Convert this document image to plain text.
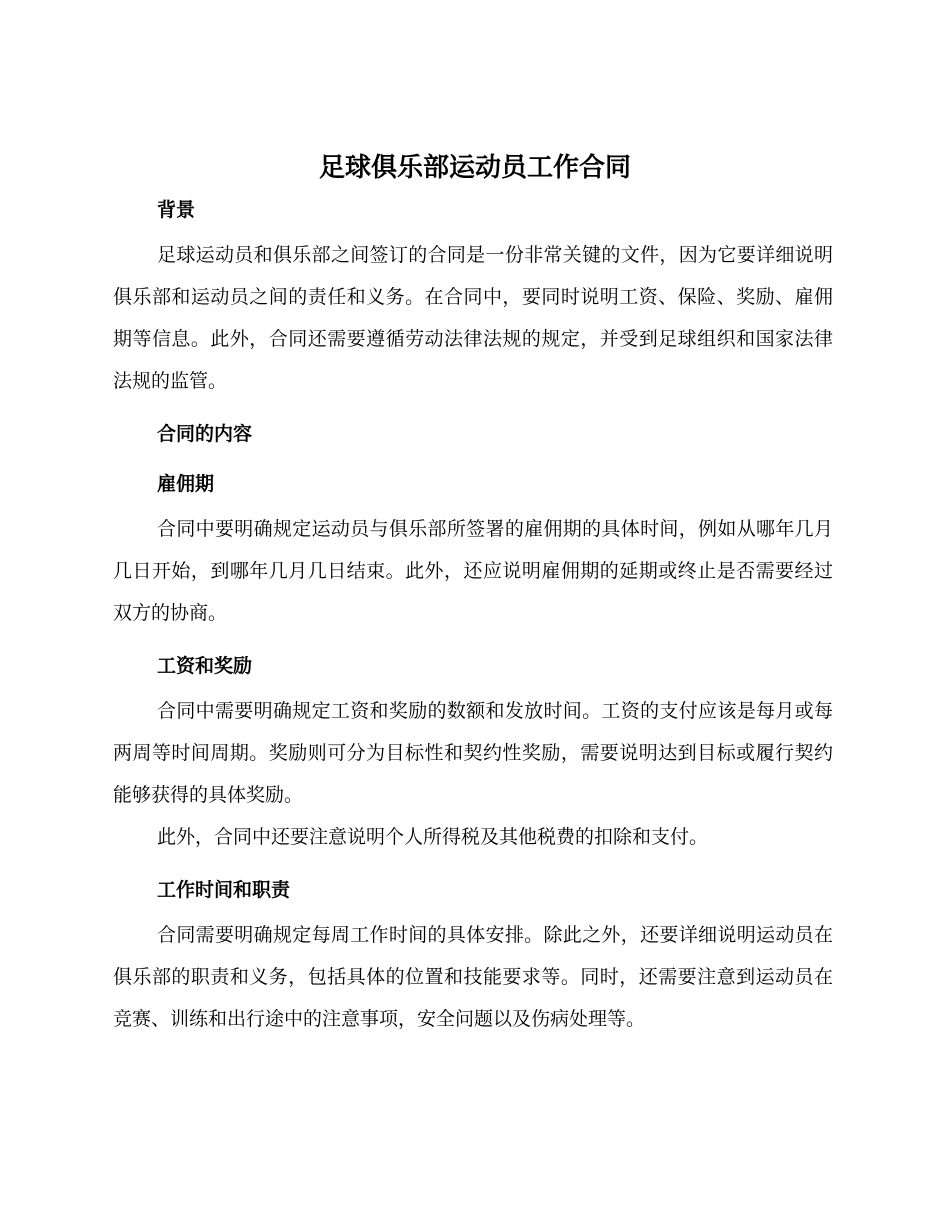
足球俱乐部运动员工作合同
背景

足球运动员和俱乐部之间签订的合同是一份非常关键的文件，因为它要详细说明俱乐部和运动员之间的责任和义务。在合同中，要同时说明工资、保险、奖励、雇佣期等信息。此外，合同还需要遵循劳动法律法规的规定，并受到足球组织和国家法律法规的监管。

合同的内容
雇佣期

合同中要明确规定运动员与俱乐部所签署的雇佣期的具体时间，例如从哪年几月几日开始，到哪年几月几日结束。此外，还应说明雇佣期的延期或终止是否需要经过双方的协商。

工资和奖励

合同中需要明确规定工资和奖励的数额和发放时间。工资的支付应该是每月或每两周等时间周期。奖励则可分为目标性和契约性奖励，需要说明达到目标或履行契约能够获得的具体奖励。

此外，合同中还要注意说明个人所得税及其他税费的扣除和支付。

工作时间和职责

合同需要明确规定每周工作时间的具体安排。除此之外，还要详细说明运动员在俱乐部的职责和义务，包括具体的位置和技能要求等。同时，还需要注意到运动员在竞赛、训练和出行途中的注意事项，安全问题以及伤病处理等。
